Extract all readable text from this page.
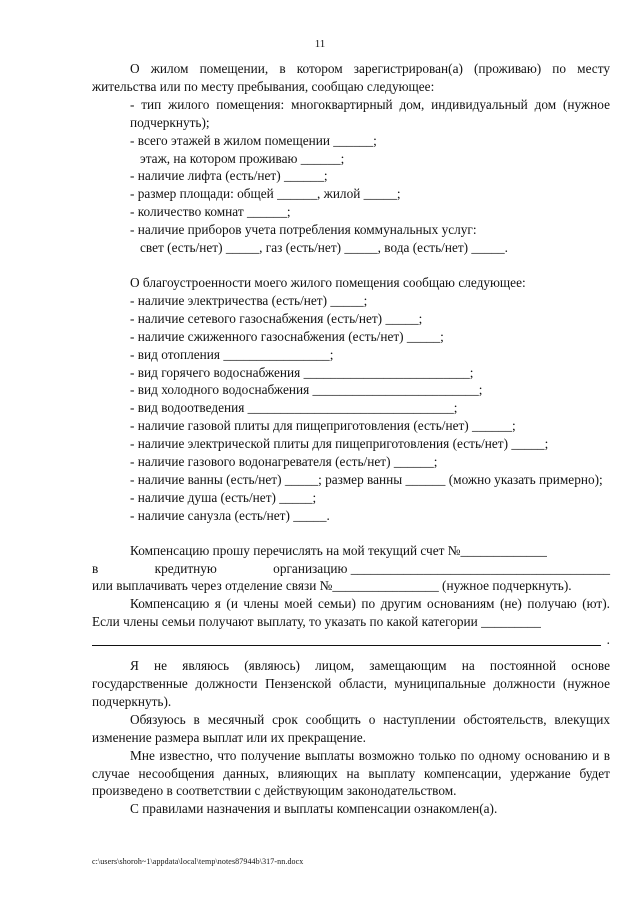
11

О жилом помещении, в котором зарегистрирован(а) (проживаю) по месту жительства или по месту пребывания, сообщаю следующее:

- тип жилого помещения: многоквартирный дом, индивидуальный дом (нужное подчеркнуть);

- всего этажей в жилом помещении ______;

этаж, на котором проживаю ______;

- наличие лифта (есть/нет) ______;

- размер площади: общей ______, жилой _____;

- количество комнат ______;

- наличие приборов учета потребления коммунальных услуг:

свет (есть/нет) _____, газ (есть/нет) _____, вода (есть/нет) _____.

О благоустроенности моего жилого помещения сообщаю следующее:

- наличие электричества (есть/нет) _____;

- наличие сетевого газоснабжения (есть/нет) _____;

- наличие сжиженного газоснабжения (есть/нет) _____;

- вид отопления ________________;

- вид горячего водоснабжения _________________________;

- вид холодного водоснабжения _________________________;

- вид водоотведения _______________________________;

- наличие газовой плиты для пищеприготовления (есть/нет) ______;

- наличие электрической плиты для пищеприготовления (есть/нет) _____;

- наличие газового водонагревателя (есть/нет) ______;

- наличие ванны (есть/нет) _____; размер ванны ______ (можно указать примерно);

- наличие душа (есть/нет) _____;

- наличие санузла (есть/нет) _____.

Компенсацию прошу перечислять на мой текущий счет №_____________

в	кредитную	организацию _______________________________________

или выплачивать через отделение связи №________________ (нужное подчеркнуть).

Компенсацию я (и члены моей семьи) по другим основаниям (не) получаю (ют). Если члены семьи получают выплату, то указать по какой категории _________

.

Я не являюсь (являюсь) лицом, замещающим на постоянной основе государственные должности Пензенской области, муниципальные должности (нужное подчеркнуть).

Обязуюсь в месячный срок сообщить о наступлении обстоятельств, влекущих изменение размера выплат или их прекращение.

Мне известно, что получение выплаты возможно только по одному основанию и в случае несообщения данных, влияющих на выплату компенсации, удержание будет произведено в соответствии с действующим законодательством.

С правилами назначения и выплаты компенсации ознакомлен(а).

c:\users\shoroh~1\appdata\local\temp\notes87944b\317-nn.docx
